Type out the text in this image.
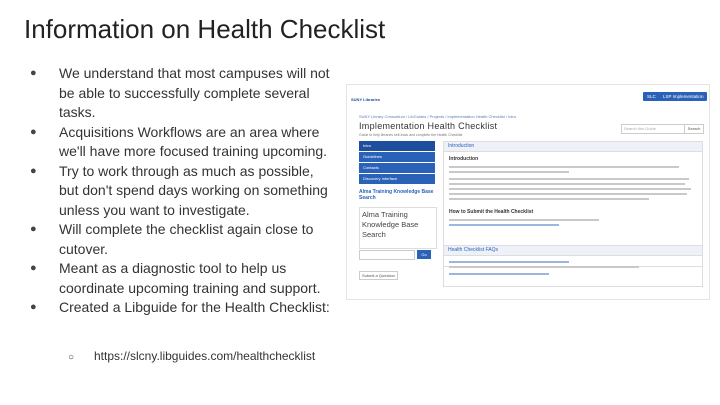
Information on Health Checklist
● We understand that most campuses will not be able to successfully complete several tasks.
● Acquisitions Workflows are an area where we'll have more focused training upcoming.
● Try to work through as much as possible, but don't spend days working on something unless you want to investigate.
● Will complete the checklist again close to cutover.
● Meant as a diagnostic tool to help us coordinate upcoming training and support.
● Created a Libguide for the Health Checklist:
○ https://slcny.libguides.com/healthchecklist
SUNY Libraries
SLC	LSP Implementation
SUNY Library Consortium / LibGuides / Projects / Implementation Health Checklist / Intro
Implementation Health Checklist
Guide to help libraries self-track and complete the Health Checklist
Search this Guide	Search
Intro
Guidelines
Contacts
Discovery Interface
Alma Training Knowledge Base Search
Alma Training Knowledge Base Search
Go
Submit a Question
Introduction
Introduction
How to Submit the Health Checklist
Health Checklist FAQs
